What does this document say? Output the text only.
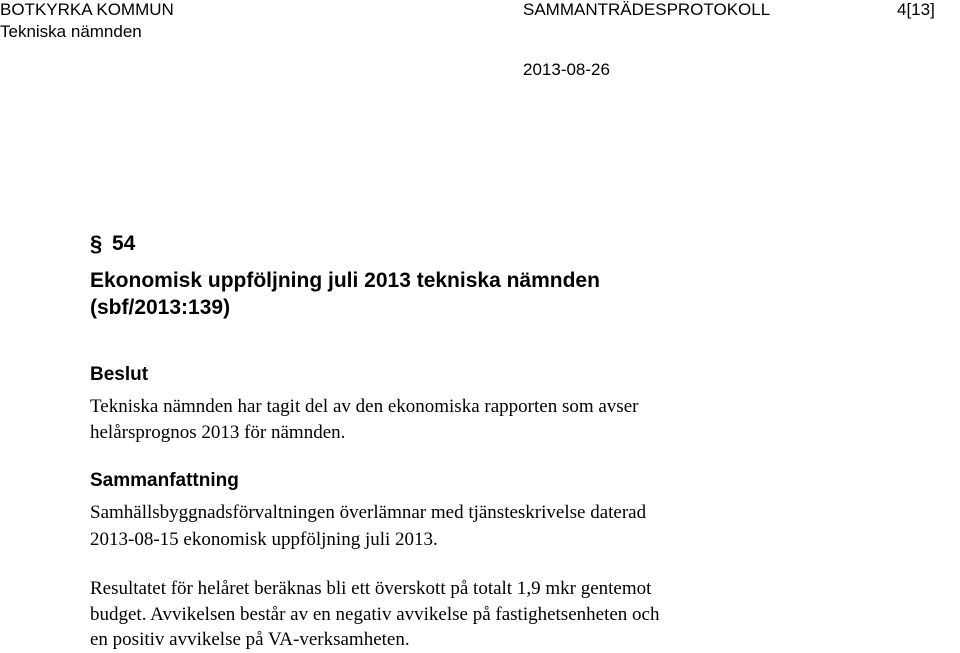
BOTKYRKA KOMMUN
Tekniska nämnden
SAMMANTRÄDESPROTOKOLL	4[13]
2013-08-26
§ 54
Ekonomisk uppföljning juli 2013 tekniska nämnden
(sbf/2013:139)
Beslut
Tekniska nämnden har tagit del av den ekonomiska rapporten som avser
helårsprognos 2013 för nämnden.
Sammanfattning
Samhällsbyggnadsförvaltningen överlämnar med tjänsteskrivelse daterad
2013-08-15 ekonomisk uppföljning juli 2013.
Resultatet för helåret beräknas bli ett överskott på totalt 1,9 mkr gentemot
budget. Avvikelsen består av en negativ avvikelse på fastighetsenheten och
en positiv avvikelse på VA-verksamheten.
